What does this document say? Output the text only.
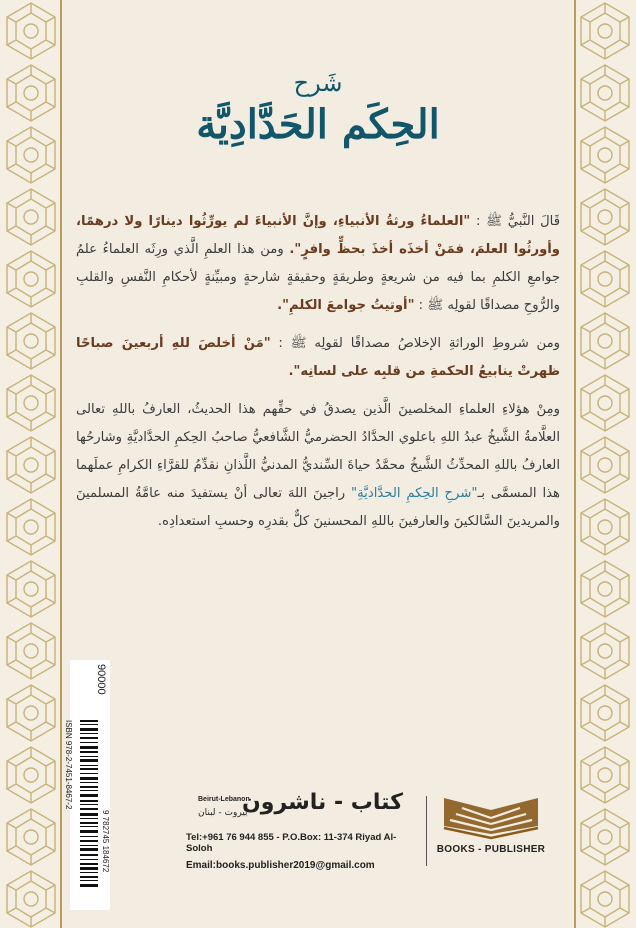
شَرح
الحِكَم الحَدَّادِيَّة

قَالَ النَّبيُّ ﷺ : "العلماءُ ورثةُ الأنبياءِ، وإنَّ الأنبياءَ لم يورِّثُوا دينارًا ولا درهمًا، وأورثُوا العلمَ، فمَنْ أخذَه أخذَ بحظٍّ وافرٍ". ومن هذا العلمِ الَّذي ورِثَه العلماءُ علمُ جوامعِ الكلمِ بما فيه من شريعةٍ وطريقةٍ وحقيقةٍ شارحةٍ ومبيِّنةٍ لأحكامِ النَّفسِ والقلبِ والرُّوحِ مصداقًا لقولِه ﷺ : "أوتيتُ جوامعَ الكلمِ".

ومن شروطِ الوراثةِ الإخلاصُ مصداقًا لقولِه ﷺ : "مَنْ أخلصَ للهِ أربعينَ صباحًا ظهرتْ ينابيعُ الحكمةِ من قلبِه على لسانِه".

ومِنْ هؤلاءِ العلماءِ المخلصينَ الَّذين يصدقُ في حقِّهم هذا الحديثُ، العارفُ باللهِ تعالى العلَّامةُ الشَّيخُ عبدُ اللهِ باعلوي الحدَّادُ الحضرميُّ الشَّافعيُّ صاحبُ الحِكمِ الحدَّاديَّةِ وشارحُها العارفُ باللهِ المحدِّثُ الشَّيخُ محمَّدُ حياةَ السِّنديُّ المدنيُّ اللَّذانِ نقدِّمُ للقرَّاءِ الكرامِ عملَهما هذا المسمَّى بـ"شرحِ الحِكمِ الحدَّاديَّةِ" راجينَ اللهَ تعالى أنْ يستفيدَ منه عامَّةُ المسلمينَ والمريدينَ السَّالكينَ والعارفينَ باللهِ المحسنينَ كلٌّ بقدرِه وحسبِ استعدادِه.

90000
9 782745 184672
ISBN 978-2-7451-8467-2	Beirut-Lebanon
بيروت - لبنان
كتاب - ناشرون
Tel:+961 76 944 855 - P.O.Box: 11-374 Riyad Al-Soloh
Email:books.publisher2019@gmail.com
BOOKS - PUBLISHER
